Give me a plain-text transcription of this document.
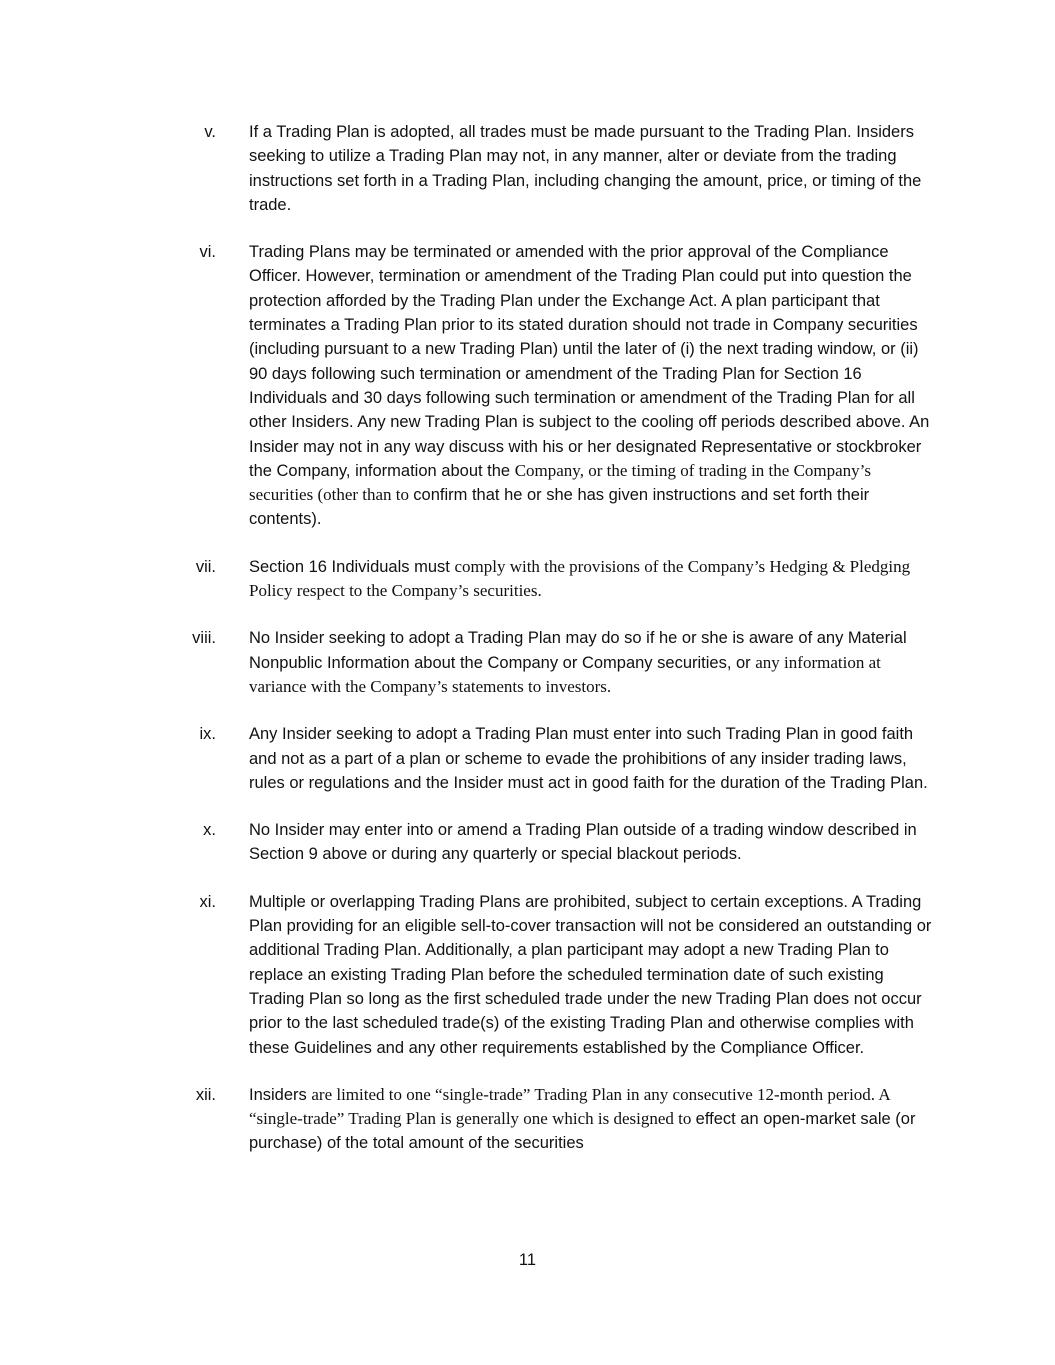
v. If a Trading Plan is adopted, all trades must be made pursuant to the Trading Plan. Insiders seeking to utilize a Trading Plan may not, in any manner, alter or deviate from the trading instructions set forth in a Trading Plan, including changing the amount, price, or timing of the trade.
vi. Trading Plans may be terminated or amended with the prior approval of the Compliance Officer. However, termination or amendment of the Trading Plan could put into question the protection afforded by the Trading Plan under the Exchange Act. A plan participant that terminates a Trading Plan prior to its stated duration should not trade in Company securities (including pursuant to a new Trading Plan) until the later of (i) the next trading window, or (ii) 90 days following such termination or amendment of the Trading Plan for Section 16 Individuals and 30 days following such termination or amendment of the Trading Plan for all other Insiders. Any new Trading Plan is subject to the cooling off periods described above. An Insider may not in any way discuss with his or her designated Representative or stockbroker the Company, information about the Company, or the timing of trading in the Company’s securities (other than to confirm that he or she has given instructions and set forth their contents).
vii. Section 16 Individuals must comply with the provisions of the Company’s Hedging & Pledging Policy respect to the Company’s securities.
viii. No Insider seeking to adopt a Trading Plan may do so if he or she is aware of any Material Nonpublic Information about the Company or Company securities, or any information at variance with the Company’s statements to investors.
ix. Any Insider seeking to adopt a Trading Plan must enter into such Trading Plan in good faith and not as a part of a plan or scheme to evade the prohibitions of any insider trading laws, rules or regulations and the Insider must act in good faith for the duration of the Trading Plan.
x. No Insider may enter into or amend a Trading Plan outside of a trading window described in Section 9 above or during any quarterly or special blackout periods.
xi. Multiple or overlapping Trading Plans are prohibited, subject to certain exceptions. A Trading Plan providing for an eligible sell-to-cover transaction will not be considered an outstanding or additional Trading Plan. Additionally, a plan participant may adopt a new Trading Plan to replace an existing Trading Plan before the scheduled termination date of such existing Trading Plan so long as the first scheduled trade under the new Trading Plan does not occur prior to the last scheduled trade(s) of the existing Trading Plan and otherwise complies with these Guidelines and any other requirements established by the Compliance Officer.
xii. Insiders are limited to one “single-trade” Trading Plan in any consecutive 12-month period. A “single-trade” Trading Plan is generally one which is designed to effect an open-market sale (or purchase) of the total amount of the securities
11
